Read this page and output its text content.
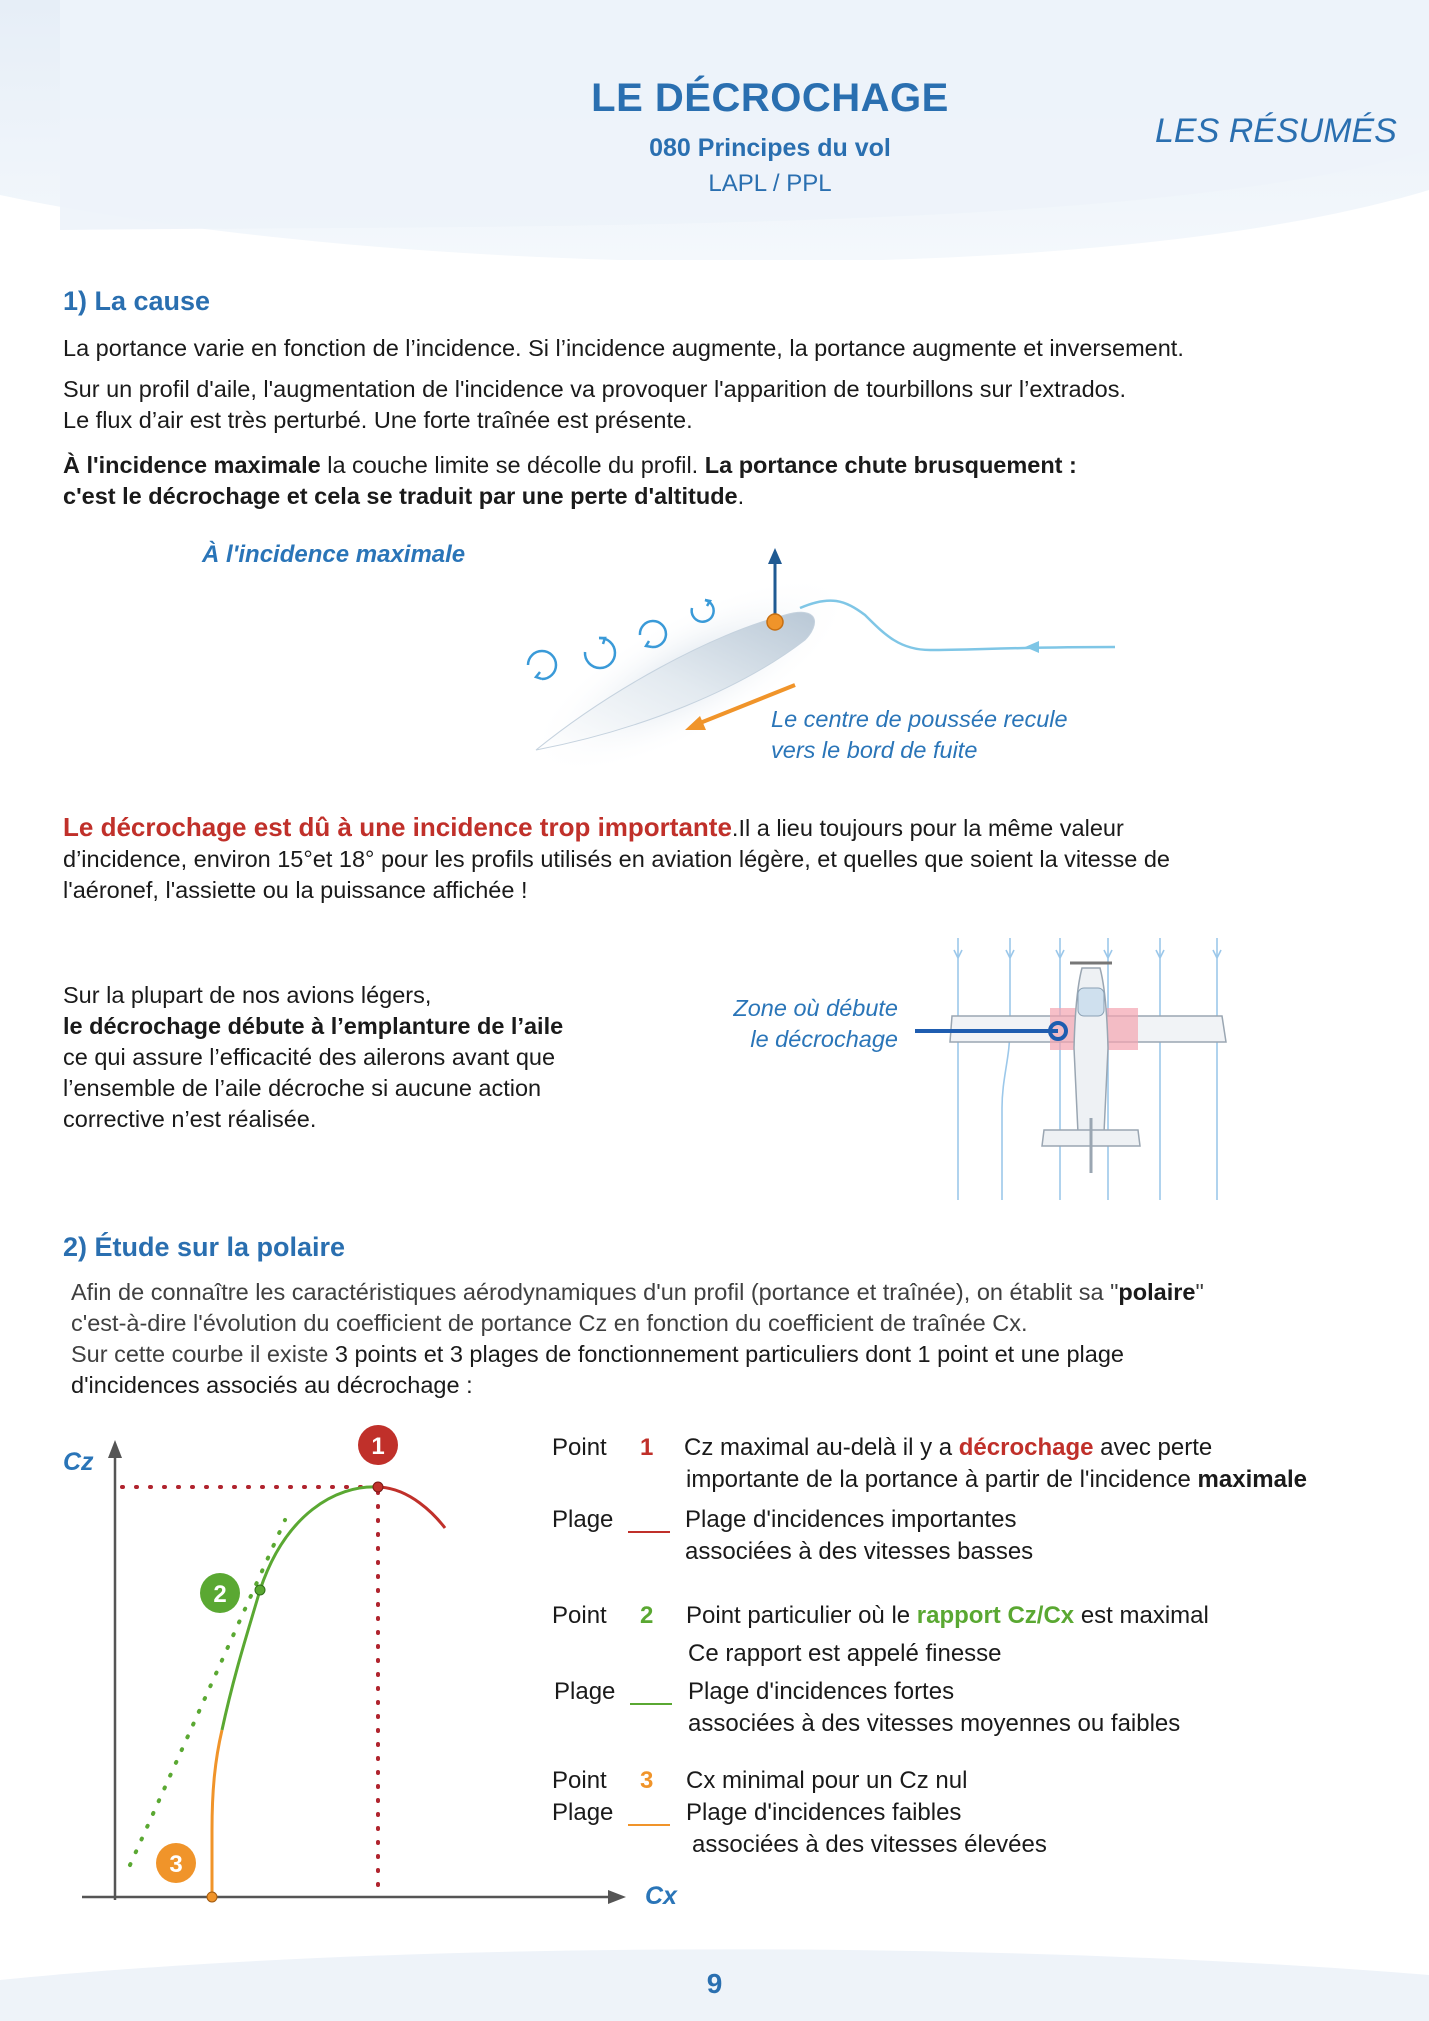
LE DÉCROCHAGE
080 Principes du vol
LAPL / PPL
LES RÉSUMÉS
1) La cause
La portance varie en fonction de l’incidence. Si l’incidence augmente, la portance augmente et inversement.
Sur un profil d'aile, l'augmentation de l'incidence va provoquer l'apparition de tourbillons sur l’extrados.
Le flux d’air est très perturbé. Une forte traînée est présente.
À l'incidence maximale la couche limite se décolle du profil. La portance chute brusquement :
c'est le décrochage et cela se traduit par une perte d'altitude.
À l'incidence maximale
Le centre de poussée recule
vers le bord de fuite
Le décrochage est dû à une incidence trop importante.Il a lieu toujours pour la même valeur
d’incidence, environ 15°et 18° pour les profils utilisés en aviation légère, et quelles que soient la vitesse de
l'aéronef, l'assiette ou la puissance affichée !
Sur la plupart de nos avions légers,
le décrochage débute à l’emplanture de l’aile
ce qui assure l’efficacité des ailerons avant que
l’ensemble de l’aile décroche si aucune action
corrective n’est réalisée.
Zone où débute
le décrochage
2) Étude sur la polaire
Afin de connaître les caractéristiques aérodynamiques d'un profil (portance et traînée), on établit sa "polaire"
c'est-à-dire l'évolution du coefficient de portance Cz en fonction du coefficient de traînée Cx.
Sur cette courbe il existe 3 points et 3 plages de fonctionnement particuliers dont 1 point et une plage
d'incidences associés au décrochage :
1
2
3
Cz
Cx
Point 1 Cz maximal au-delà il y a décrochage avec perte
importante de la portance à partir de l'incidence maximale
Plage	Plage d'incidences importantes
associées à des vitesses basses
Point 2 Point particulier où le rapport Cz/Cx est maximal
Ce rapport est appelé finesse
Plage	Plage d'incidences fortes
associées à des vitesses moyennes ou faibles
Point 3 Cx minimal pour un Cz nul
Plage	Plage d'incidences faibles
associées à des vitesses élevées
9
